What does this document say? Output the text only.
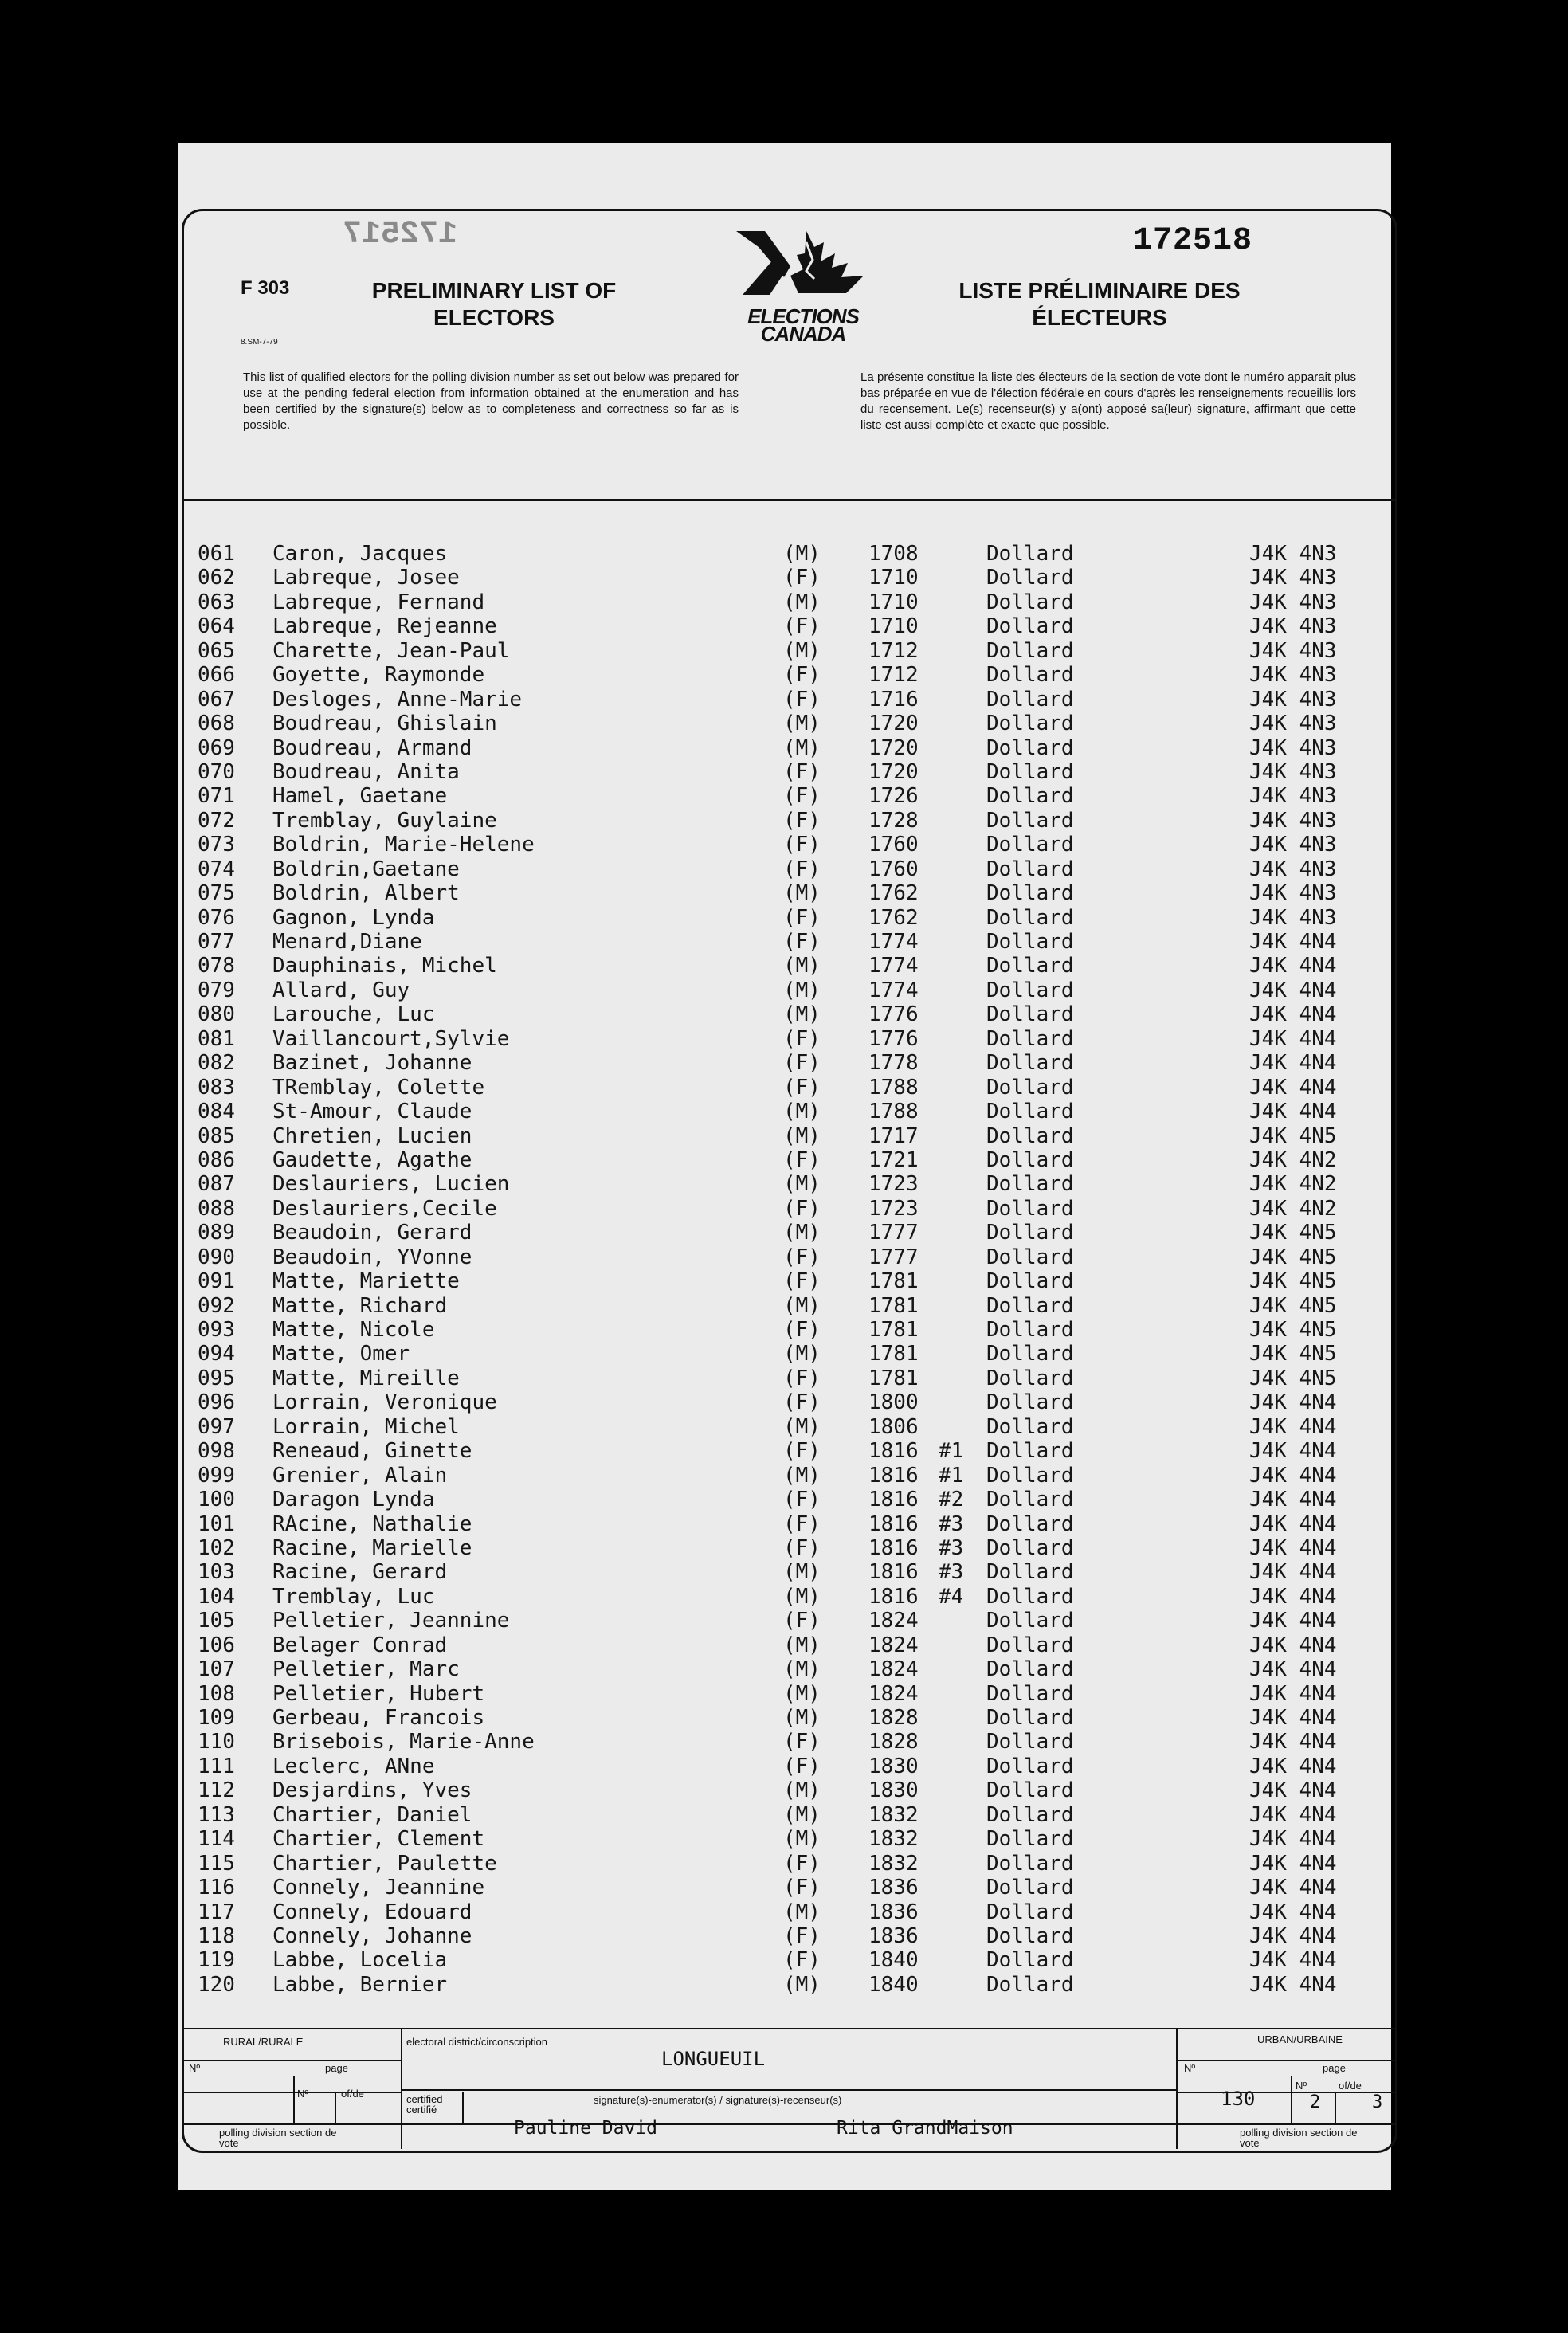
172517	172518
F 303
8.SM-7-79
PRELIMINARY LIST OF ELECTORS
LISTE PRÉLIMINAIRE DES ÉLECTEURS
ELECTIONS CANADA
This list of qualified electors for the polling division number as set out below was prepared for use at the pending federal election from information obtained at the enumeration and has been certified by the signature(s) below as to completeness and correctness so far as is possible.
La présente constitue la liste des électeurs de la section de vote dont le numéro apparait plus bas préparée en vue de l'élection fédérale en cours d'après les renseignements recueillis lors du recensement. Le(s) recenseur(s) y a(ont) apposé sa(leur) signature, affirmant que cette liste est aussi complète et exacte que possible.
061 Caron, Jacques	(M) 1708	Dollard	J4K 4N3
062 Labreque, Josee	(F) 1710	Dollard	J4K 4N3
063 Labreque, Fernand	(M) 1710	Dollard	J4K 4N3
064 Labreque, Rejeanne	(F) 1710	Dollard	J4K 4N3
065 Charette, Jean-Paul	(M) 1712	Dollard	J4K 4N3
066 Goyette, Raymonde	(F) 1712	Dollard	J4K 4N3
067 Desloges, Anne-Marie	(F) 1716	Dollard	J4K 4N3
068 Boudreau, Ghislain	(M) 1720	Dollard	J4K 4N3
069 Boudreau, Armand	(M) 1720	Dollard	J4K 4N3
070 Boudreau, Anita	(F) 1720	Dollard	J4K 4N3
071 Hamel, Gaetane	(F) 1726	Dollard	J4K 4N3
072 Tremblay, Guylaine	(F) 1728	Dollard	J4K 4N3
073 Boldrin, Marie-Helene	(F) 1760	Dollard	J4K 4N3
074 Boldrin,Gaetane	(F) 1760	Dollard	J4K 4N3
075 Boldrin, Albert	(M) 1762	Dollard	J4K 4N3
076 Gagnon, Lynda	(F) 1762	Dollard	J4K 4N3
077 Menard,Diane	(F) 1774	Dollard	J4K 4N4
078 Dauphinais, Michel	(M) 1774	Dollard	J4K 4N4
079 Allard, Guy	(M) 1774	Dollard	J4K 4N4
080 Larouche, Luc	(M) 1776	Dollard	J4K 4N4
081 Vaillancourt,Sylvie	(F) 1776	Dollard	J4K 4N4
082 Bazinet, Johanne	(F) 1778	Dollard	J4K 4N4
083 TRemblay, Colette	(F) 1788	Dollard	J4K 4N4
084 St-Amour, Claude	(M) 1788	Dollard	J4K 4N4
085 Chretien, Lucien	(M) 1717	Dollard	J4K 4N5
086 Gaudette, Agathe	(F) 1721	Dollard	J4K 4N2
087 Deslauriers, Lucien	(M) 1723	Dollard	J4K 4N2
088 Deslauriers,Cecile	(F) 1723	Dollard	J4K 4N2
089 Beaudoin, Gerard	(M) 1777	Dollard	J4K 4N5
090 Beaudoin, YVonne	(F) 1777	Dollard	J4K 4N5
091 Matte, Mariette	(F) 1781	Dollard	J4K 4N5
092 Matte, Richard	(M) 1781	Dollard	J4K 4N5
093 Matte, Nicole	(F) 1781	Dollard	J4K 4N5
094 Matte, Omer	(M) 1781	Dollard	J4K 4N5
095 Matte, Mireille	(F) 1781	Dollard	J4K 4N5
096 Lorrain, Veronique	(F) 1800	Dollard	J4K 4N4
097 Lorrain, Michel	(M) 1806	Dollard	J4K 4N4
098 Reneaud, Ginette	(F) 1816 #1 Dollard	J4K 4N4
099 Grenier, Alain	(M) 1816 #1 Dollard	J4K 4N4
100 Daragon Lynda	(F) 1816 #2 Dollard	J4K 4N4
101 RAcine, Nathalie	(F) 1816 #3 Dollard	J4K 4N4
102 Racine, Marielle	(F) 1816 #3 Dollard	J4K 4N4
103 Racine, Gerard	(M) 1816 #3 Dollard	J4K 4N4
104 Tremblay, Luc	(M) 1816 #4 Dollard	J4K 4N4
105 Pelletier, Jeannine	(F) 1824	Dollard	J4K 4N4
106 Belager Conrad	(M) 1824	Dollard	J4K 4N4
107 Pelletier, Marc	(M) 1824	Dollard	J4K 4N4
108 Pelletier, Hubert	(M) 1824	Dollard	J4K 4N4
109 Gerbeau, Francois	(M) 1828	Dollard	J4K 4N4
110 Brisebois, Marie-Anne	(F) 1828	Dollard	J4K 4N4
111 Leclerc, ANne	(F) 1830	Dollard	J4K 4N4
112 Desjardins, Yves	(M) 1830	Dollard	J4K 4N4
113 Chartier, Daniel	(M) 1832	Dollard	J4K 4N4
114 Chartier, Clement	(M) 1832	Dollard	J4K 4N4
115 Chartier, Paulette	(F) 1832	Dollard	J4K 4N4
116 Connely, Jeannine	(F) 1836	Dollard	J4K 4N4
117 Connely, Edouard	(M) 1836	Dollard	J4K 4N4
118 Connely, Johanne	(F) 1836	Dollard	J4K 4N4
119 Labbe, Locelia	(F) 1840	Dollard	J4K 4N4
120 Labbe, Bernier	(M) 1840	Dollard	J4K 4N4
RURAL/RURALE
Nº	page
Nº	of/de
polling division section de vote
electoral district/circonscription
LONGUEUIL
certified certifié
signature(s)-enumerator(s) / signature(s)-recenseur(s)
Pauline David	Rita GrandMaison
URBAN/URBAINE
Nº	page
130
Nº	of/de
2	3
polling division section de vote
